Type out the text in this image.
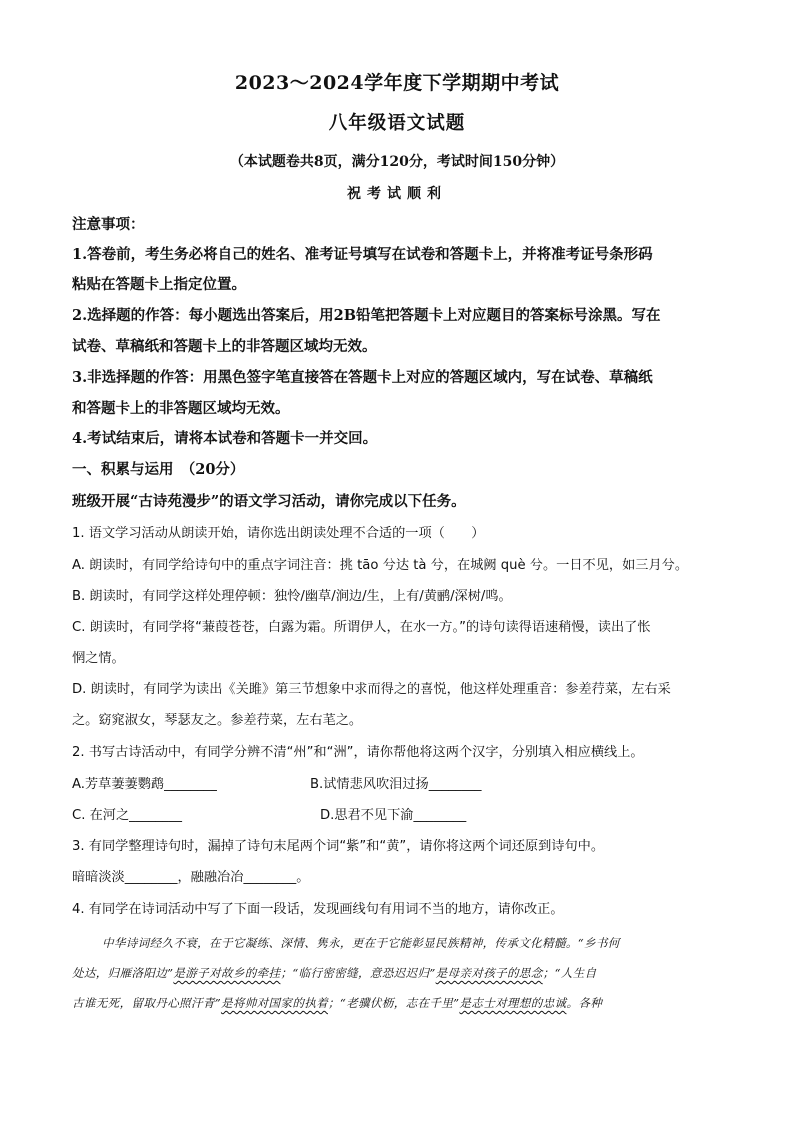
2023～2024学年度下学期期中考试
八年级语文试题
（本试题卷共8页，满分120分，考试时间150分钟）
祝考试顺利
注意事项：
1.答卷前，考生务必将自己的姓名、准考证号填写在试卷和答题卡上，并将准考证号条形码
粘贴在答题卡上指定位置。
2.选择题的作答：每小题选出答案后，用2B铅笔把答题卡上对应题目的答案标号涂黑。写在
试卷、草稿纸和答题卡上的非答题区域均无效。
3.非选择题的作答：用黑色签字笔直接答在答题卡上对应的答题区域内，写在试卷、草稿纸
和答题卡上的非答题区域均无效。
4.考试结束后，请将本试卷和答题卡一并交回。
一、积累与运用　（20分）
班级开展“古诗苑漫步”的语文学习活动，请你完成以下任务。
1. 语文学习活动从朗读开始，请你选出朗读处理不合适的一项（　　）
A. 朗读时，有同学给诗句中的重点字词注音：挑 tāo 兮达 tà 兮，在城阙 què 兮。一日不见，如三月兮。
B. 朗读时，有同学这样处理停顿：独怜/幽草/涧边/生，上有/黄鹂/深树/鸣。
C. 朗读时，有同学将“蒹葭苍苍，白露为霜。所谓伊人，在水一方。”的诗句读得语速稍慢，读出了怅
惘之情。
D. 朗读时，有同学为读出《关雎》第三节想象中求而得之的喜悦，他这样处理重音：参差荇菜，左右采
之。窈窕淑女，琴瑟友之。参差荇菜，左右芼之。
2. 书写古诗活动中，有同学分辨不清“州”和“洲”，请你帮他将这两个汉字，分别填入相应横线上。
A.芳草萋萋鹦鹉________	B.试情悲风吹泪过扬________
C. 在河之________	D.思君不见下渝________
3. 有同学整理诗句时，漏掉了诗句末尾两个词“紫”和“黄”，请你将这两个词还原到诗句中。
暗暗淡淡________，融融冶冶________。
4. 有同学在诗词活动中写了下面一段话，发现画线句有用词不当的地方，请你改正。
中华诗词经久不衰，在于它凝练、深情、隽永，更在于它能彰显民族精神，传承文化精髓。“乡书何
处达，归雁洛阳边”是游子对故乡的牵挂；“临行密密缝，意恐迟迟归”是母亲对孩子的思念；“人生自
古谁无死，留取丹心照汗青”是将帅对国家的执着；“老骥伏枥，志在千里”是志士对理想的忠诚。各种
